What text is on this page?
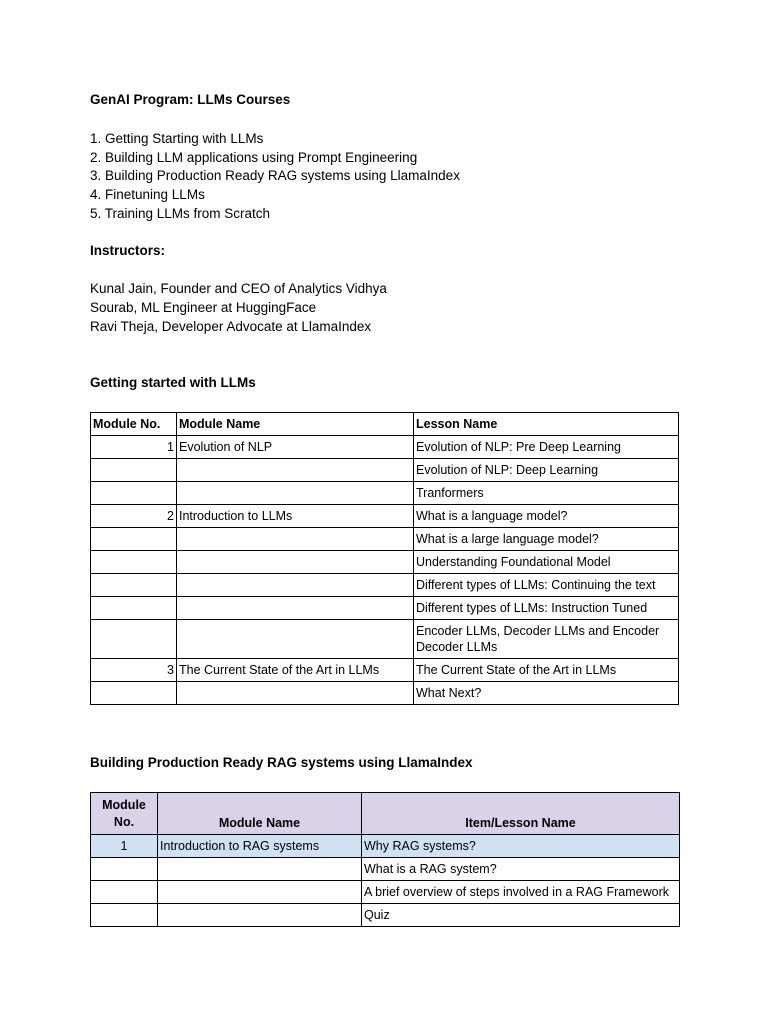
GenAI Program: LLMs Courses
1. Getting Starting with LLMs
2. Building LLM applications using Prompt Engineering
3. Building Production Ready RAG systems using LlamaIndex
4. Finetuning LLMs
5. Training LLMs from Scratch
Instructors:
Kunal Jain, Founder and CEO of Analytics Vidhya
Sourab, ML Engineer at HuggingFace
Ravi Theja, Developer Advocate at LlamaIndex
Getting started with LLMs
Module No.	Module Name	Lesson Name
1	Evolution of NLP	Evolution of NLP: Pre Deep Learning
		Evolution of NLP: Deep Learning
		Tranformers
2	Introduction to LLMs	What is a language model?
		What is a large language model?
		Understanding Foundational Model
		Different types of LLMs: Continuing the text
		Different types of LLMs: Instruction Tuned
		Encoder LLMs, Decoder LLMs and Encoder Decoder LLMs
3	The Current State of the Art in LLMs	The Current State of the Art in LLMs
		What Next?
Building Production Ready RAG systems using LlamaIndex
Module No.	Module Name	Item/Lesson Name
1	Introduction to RAG systems	Why RAG systems?
		What is a RAG system?
		A brief overview of steps involved in a RAG Framework
		Quiz
